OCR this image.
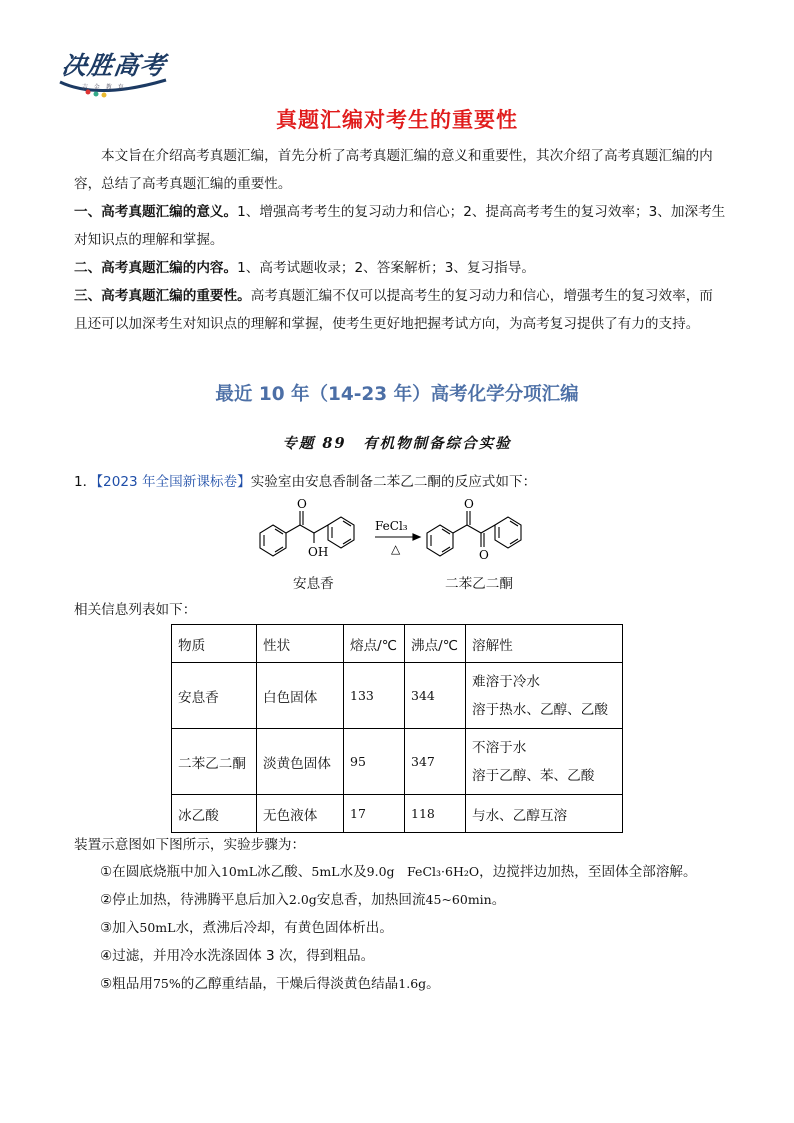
决胜高考
吉 金 教 育
真题汇编对考生的重要性
本文旨在介绍高考真题汇编，首先分析了高考真题汇编的意义和重要性，其次介绍了高考真题汇编的内容，总结了高考真题汇编的重要性。
一、高考真题汇编的意义。1、增强高考考生的复习动力和信心；2、提高高考考生的复习效率；3、加深考生对知识点的理解和掌握。
二、高考真题汇编的内容。1、高考试题收录；2、答案解析；3、复习指导。
三、高考真题汇编的重要性。高考真题汇编不仅可以提高考生的复习动力和信心，增强考生的复习效率，而且还可以加深考生对知识点的理解和掌握，使考生更好地把握考试方向，为高考复习提供了有力的支持。
最近 10 年（14-23 年）高考化学分项汇编
专题 89　有机物制备综合实验
1．【2023 年全国新课标卷】实验室由安息香制备二苯乙二酮的反应式如下：
O
OH
FeCl₃
△
O
O
安息香	二苯乙二酮
相关信息列表如下：
物质	性状	熔点/℃	沸点/℃	溶解性
安息香	白色固体	133	344	难溶于冷水
溶于热水、乙醇、乙酸

二苯乙二酮	淡黄色固体	95	347	不溶于水
溶于乙醇、苯、乙酸

冰乙酸	无色液体	17	118	与水、乙醇互溶
装置示意图如下图所示，实验步骤为：
①在圆底烧瓶中加入10mL冰乙酸、5mL水及9.0g　FeCl₃·6H₂O，边搅拌边加热，至固体全部溶解。
②停止加热，待沸腾平息后加入2.0g安息香，加热回流45~60min。
③加入50mL水，煮沸后冷却，有黄色固体析出。
④过滤，并用冷水洗涤固体 3 次，得到粗品。
⑤粗品用75%的乙醇重结晶，干燥后得淡黄色结晶1.6g。
